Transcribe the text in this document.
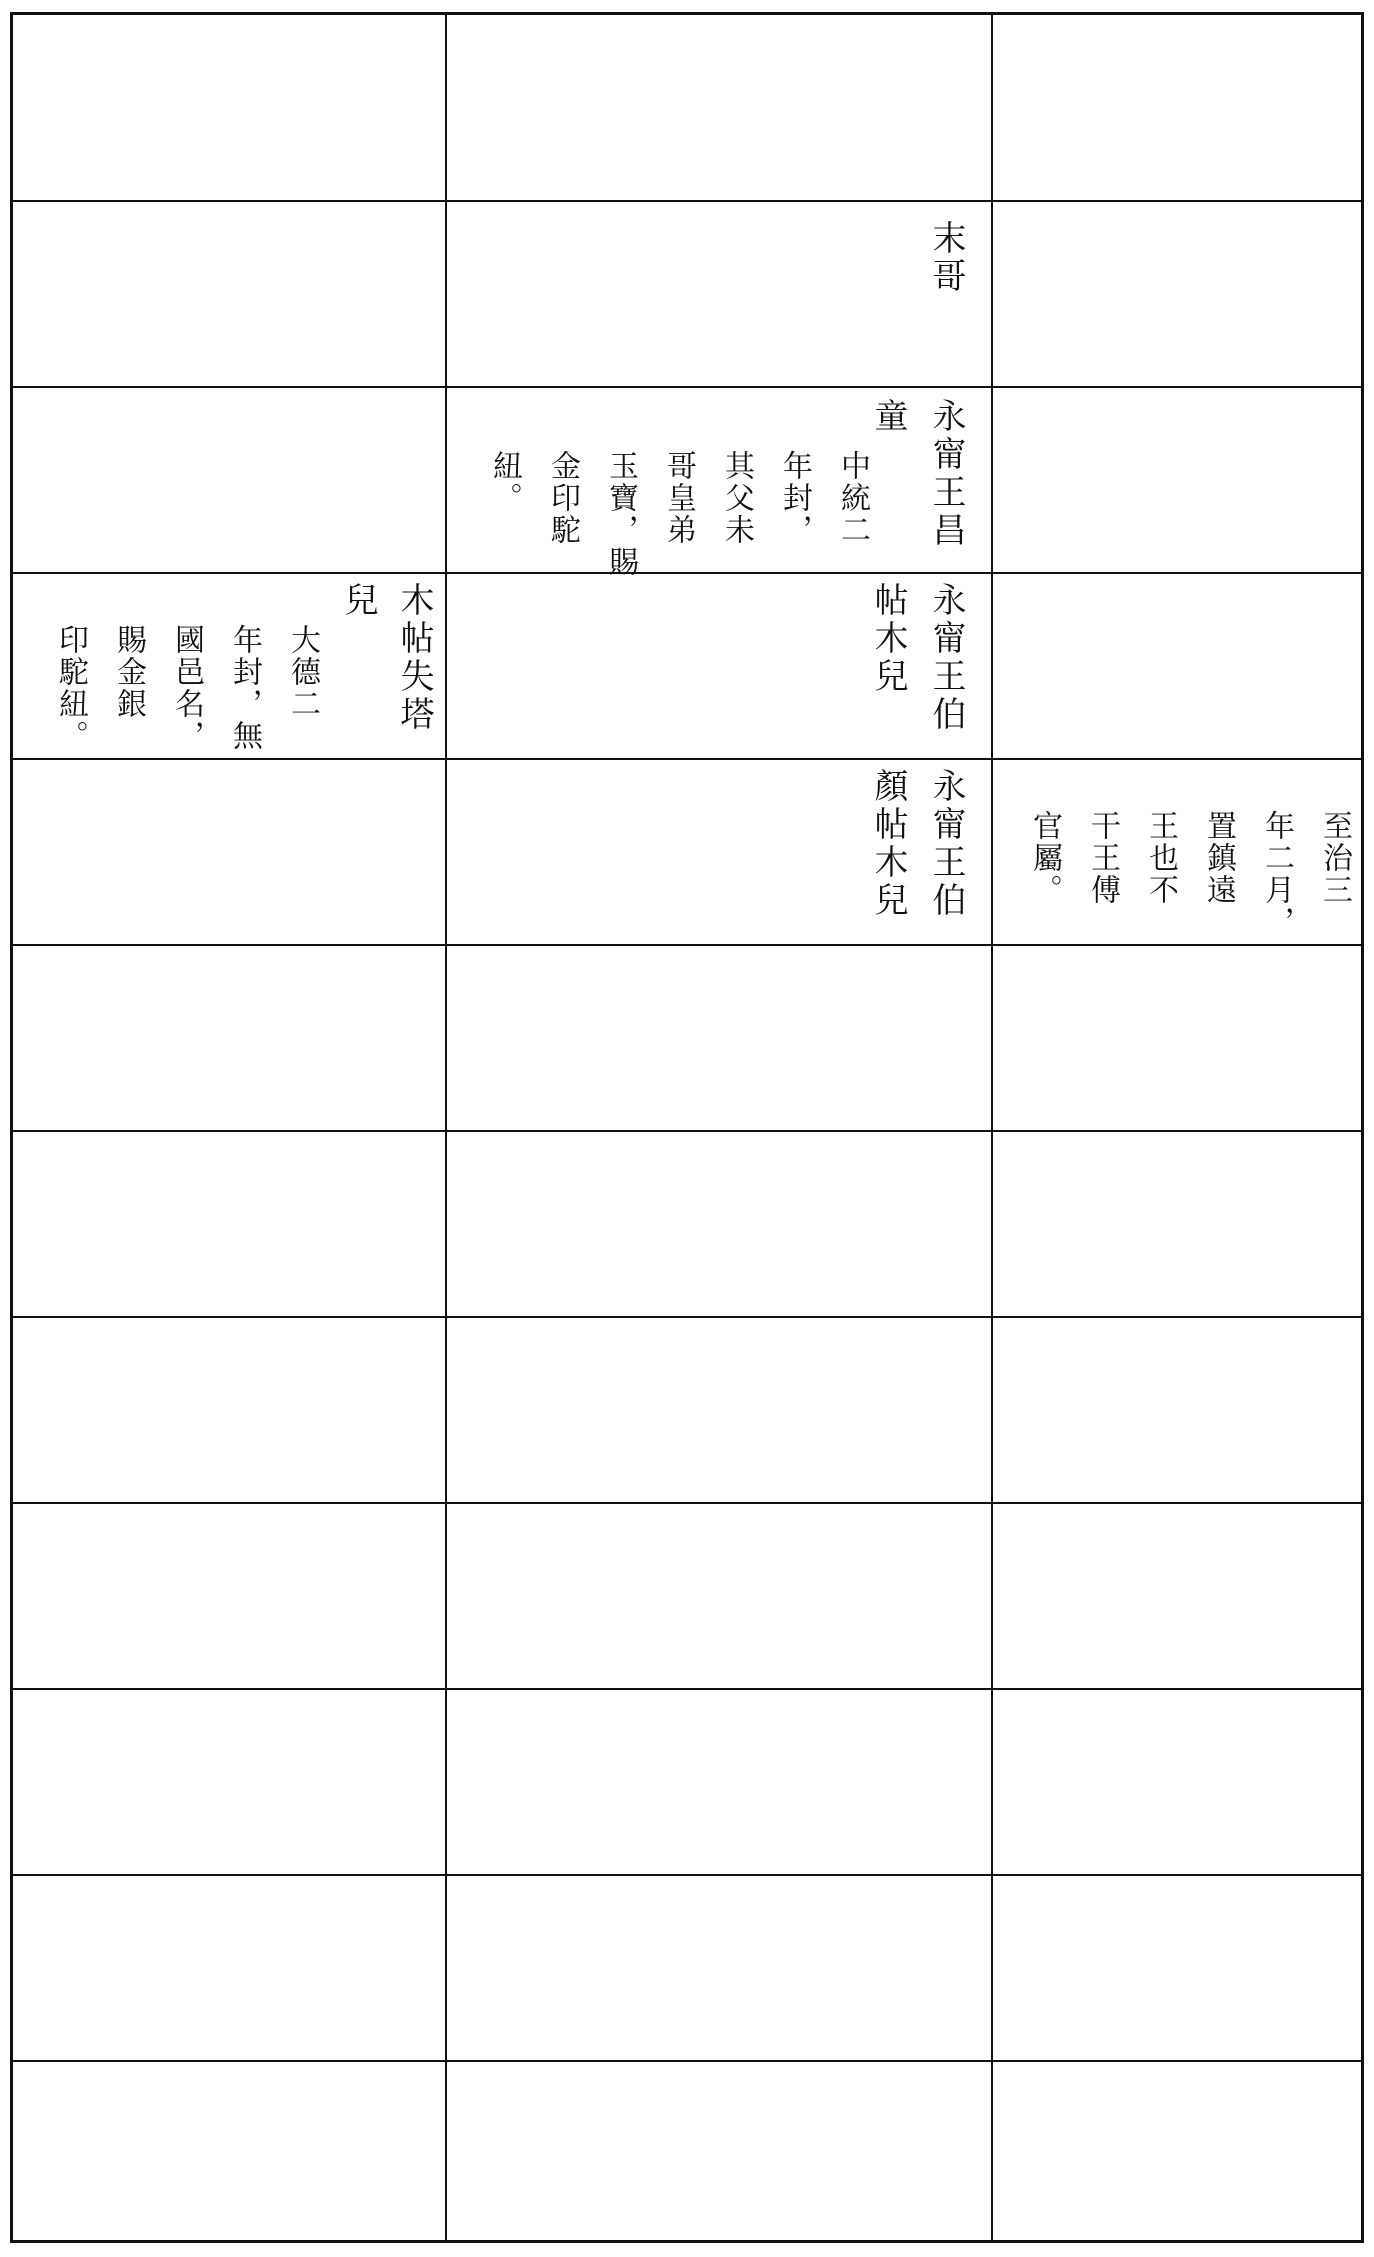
末哥
永甯王昌
童
中統二
年封，
其父未
哥皇弟
玉寶，賜
金印駝
紐。
木帖失塔
兒
大德二
年封，無
國邑名，
賜金銀
印駝紐。	永甯王伯
帖木兒
永甯王伯
顏帖木兒	至治三
年二月，
置鎮遠
王也不
干王傅
官屬。
